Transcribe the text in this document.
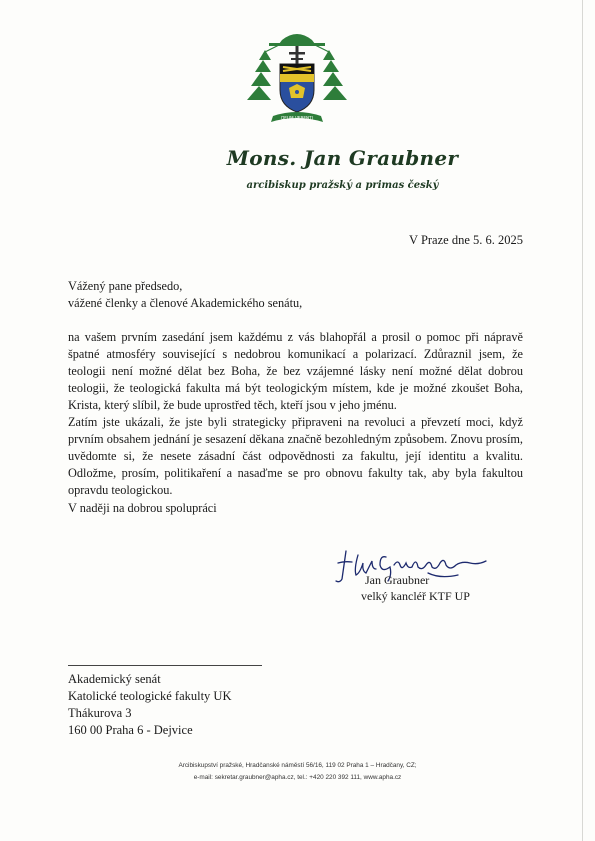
DEUM VERENTI
Mons. Jan Graubner
arcibiskup pražský a primas český
V Praze dne 5. 6. 2025
Vážený pane předsedo,
vážené členky a členové Akademického senátu,
na vašem prvním zasedání jsem každému z vás blahopřál a prosil o pomoc při nápravě špatné atmosféry související s nedobrou komunikací a polarizací. Zdůraznil jsem, že teologii není možné dělat bez Boha, že bez vzájemné lásky není možné dělat dobrou teologii, že teologická fakulta má být teologickým místem, kde je možné zkoušet Boha, Krista, který slíbil, že bude uprostřed těch, kteří jsou v jeho jménu.
Zatím jste ukázali, že jste byli strategicky připraveni na revoluci a převzetí moci, když prvním obsahem jednání je sesazení děkana značně bezohledným způsobem. Znovu prosím, uvědomte si, že nesete zásadní část odpovědnosti za fakultu, její identitu a kvalitu. Odložme, prosím, politikaření a nasaďme se pro obnovu fakulty tak, aby byla fakultou opravdu teologickou.
V naději na dobrou spolupráci
Jan Graubner
velký kancléř KTF UP
Akademický senát
Katolické teologické fakulty UK
Thákurova 3
160 00 Praha 6 - Dejvice
Arcibiskupství pražské, Hradčanské náměstí 56/16, 119 02 Praha 1 – Hradčany, CZ;
e-mail: sekretar.graubner@apha.cz, tel.: +420 220 392 111, www.apha.cz
